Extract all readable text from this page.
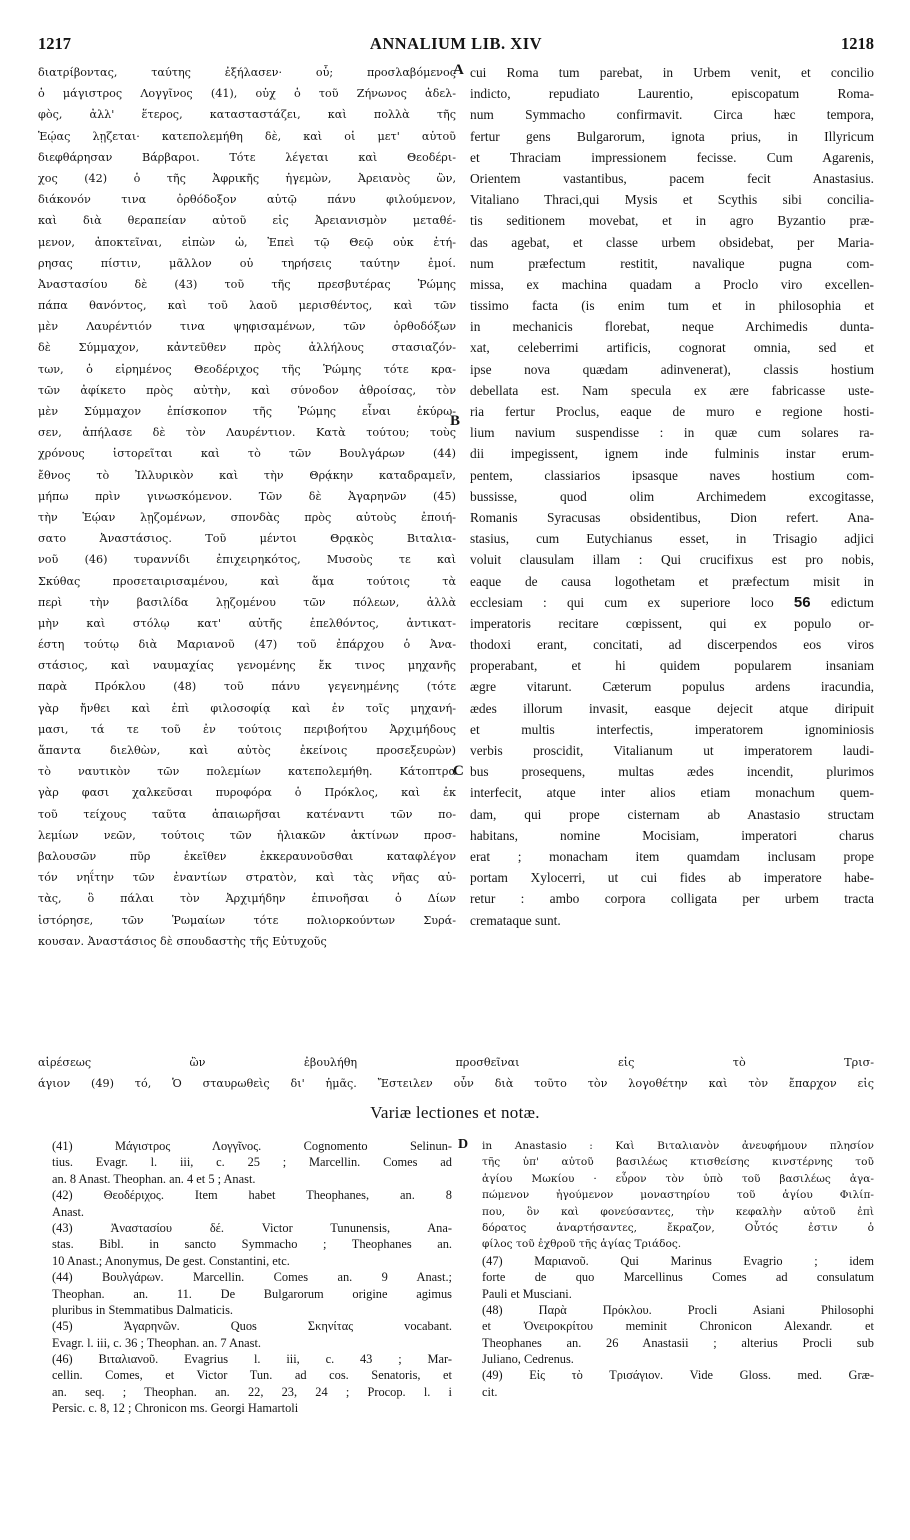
1217	ANNALIUM LIB. XIV	1218
διατρίβοντας, ταύτης ἐξήλασεν· οὗ; προσλαβόμενος
ὁ μάγιστρος Λογγῖνος (41), οὐχ ὁ τοῦ Ζήνωνος ἀδελ-
φὸς, ἀλλ' ἕτερος, κατασταστάζει, καὶ πολλὰ τῆς
Ἑῴας λῃζεται· κατεπολεμήθη δὲ, καὶ οἱ μετ' αὐτοῦ
διεφθάρησαν Βάρβαροι. Τότε λέγεται καὶ Θεοδέρι-
χος (42) ὁ τῆς Ἀφρικῆς ἡγεμὼν, Ἀρειανὸς ὢν,
διάκονόν τινα ὀρθόδοξον αὐτῷ πάνυ φιλούμενον,
καὶ διὰ θεραπείαν αὐτοῦ εἰς Ἀρειανισμὸν μεταθέ-
μενον, ἀποκτεῖναι, εἰπὼν ὡ, Ἐπεὶ τῷ Θεῷ οὐκ ἐτή-
ρησας πίστιν, μᾶλλον οὐ τηρήσεις ταύτην ἐμοί.
Ἀναστασίου δὲ (43) τοῦ τῆς πρεσβυτέρας Ῥώμης
πάπα θανόντος, καὶ τοῦ λαοῦ μερισθέντος, καὶ τῶν
μὲν Λαυρέντιόν τινα ψηφισαμένων, τῶν ὀρθοδόξων
δὲ Σύμμαχον, κἀντεῦθεν πρὸς ἀλλήλους στασιαζόν-
των, ὁ εἰρημένος Θεοδέριχος τῆς Ῥώμης τότε κρα-
τῶν ἀφίκετο πρὸς αὐτὴν, καὶ σύνοδον ἀθροίσας, τὸν
μὲν Σύμμαχον ἐπίσκοπον τῆς Ῥώμης εἶναι ἐκύρω-
σεν, ἀπήλασε δὲ τὸν Λαυρέντιον. Κατὰ τούτου; τοὺς
χρόνους ἱστορεῖται καὶ τὸ τῶν Βουλγάρων (44)
ἔθνος τὸ Ἰλλυρικὸν καὶ τὴν Θρᾴκην καταδραμεῖν,
μήπω πρὶν γινωσκόμενον. Τῶν δὲ Ἀγαρηνῶν (45)
τὴν Ἑῴαν λῃζομένων, σπονδὰς πρὸς αὐτοὺς ἐποιή-
σατο Ἀναστάσιος. Τοῦ μέντοι Θρᾳκὸς Βιταλια-
νοῦ (46) τυραννίδι ἐπιχειρηκότος, Μυσοὺς τε καὶ
Σκύθας προσεταιρισαμένου, καὶ ἅμα τούτοις τὰ
περὶ τὴν βασιλίδα λῃζομένου τῶν πόλεων, ἀλλὰ
μὴν καὶ στόλῳ κατ' αὐτῆς ἐπελθόντος, ἀντικατ-
έστη τούτῳ διὰ Μαριανοῦ (47) τοῦ ἐπάρχου ὁ Ἀνα-
στάσιος, καὶ ναυμαχίας γενομένης ἔκ τινος μηχανῆς
παρὰ Πρόκλου (48) τοῦ πάνυ γεγενημένης (τότε
γὰρ ἤνθει καὶ ἐπὶ φιλοσοφίᾳ καὶ ἐν τοῖς μηχανή-
μασι, τά τε τοῦ ἐν τούτοις περιβοήτου Ἀρχιμήδους
ἅπαντα διελθὼν, καὶ αὐτὸς ἐκείνοις προσεξευρὼν)
τὸ ναυτικὸν τῶν πολεμίων κατεπολεμήθη. Κάτοπτρα
γὰρ φασι χαλκεῦσαι πυροφόρα ὁ Πρόκλος, καὶ ἐκ
τοῦ τείχους ταῦτα ἀπαιωρῆσαι κατέναντι τῶν πο-
λεμίων νεῶν, τούτοις τῶν ἡλιακῶν ἀκτίνων προσ-
βαλουσῶν πῦρ ἐκεῖθεν ἐκκεραυνοῦσθαι καταφλέγον
τόν νηΐτην τῶν ἐναντίων στρατὸν, καὶ τὰς νῆας αὐ-
τὰς, ὃ πάλαι τὸν Ἀρχιμήδην ἐπινοῆσαι ὁ Δίων
ἱστόρησε, τῶν Ῥωμαίων τότε πολιορκούντων Συρά-
κουσαν. Ἀναστάσιος δὲ σπουδαστὴς τῆς Εὐτυχοῦς
A
B
C
cui Roma tum parebat, in Urbem venit, et concilio
indicto, repudiato Laurentio, episcopatum Roma-
num Symmacho confirmavit. Circa hæc tempora,
fertur gens Bulgarorum, ignota prius, in Illyricum
et Thraciam impressionem fecisse. Cum Agarenis,
Orientem vastantibus, pacem fecit Anastasius.
Vitaliano Thraci,qui Mysis et Scythis sibi concilia-
tis seditionem movebat, et in agro Byzantio præ-
das agebat, et classe urbem obsidebat, per Maria-
num præfectum restitit, navalique pugna com-
missa, ex machina quadam a Proclo viro excellen-
tissimo facta (is enim tum et in philosophia et
in mechanicis florebat, neque Archimedis dunta-
xat, celeberrimi artificis, cognorat omnia, sed et
ipse nova quædam adinvenerat), classis hostium
debellata est. Nam specula ex ære fabricasse uste-
ria fertur Proclus, eaque de muro e regione hosti-
lium navium suspendisse : in quæ cum solares ra-
dii impegissent, ignem inde fulminis instar erum-
pentem, classiarios ipsasque naves hostium com-
bussisse, quod olim Archimedem excogitasse,
Romanis Syracusas obsidentibus, Dion refert. Ana-
stasius, cum Eutychianus esset, in Trisagio adjici
voluit clausulam illam : Qui crucifixus est pro nobis,
eaque de causa logothetam et præfectum misit in
ecclesiam : qui cum ex superiore loco 56 edictum
imperatoris recitare cœpissent, qui ex populo or-
thodoxi erant, concitati, ad discerpendos eos viros
properabant, et hi quidem popularem insaniam
ægre vitarunt. Cæterum populus ardens iracundia,
ædes illorum invasit, easque dejecit atque diripuit
et multis interfectis, imperatorem ignominiosis
verbis proscidit, Vitalianum ut imperatorem laudi-
bus prosequens, multas ædes incendit, plurimos
interfecit, atque inter alios etiam monachum quem-
dam, qui prope cisternam ab Anastasio structam
habitans, nomine Mocisiam, imperatori charus
erat ; monacham item quamdam inclusam prope
portam Xylocerri, ut cui fides ab imperatore habe-
retur : ambo corpora colligata per urbem tracta
cremataque sunt.
αἱρέσεως ὢν ἐβουλήθη προσθεῖναι εἰς τὸ Τρισ-
άγιον (49) τό, Ὁ σταυρωθεὶς δι' ἡμᾶς. Ἔστειλεν οὖν διὰ τοῦτο τὸν λογοθέτην καὶ τὸν ἔπαρχον εἰς
Variæ lectiones et notæ.
(41) Μάγιστρος Λογγῖνος. Cognomento Selinun-
tius. Evagr. l. iii, c. 25 ; Marcellin. Comes ad
an. 8 Anast. Theophan. an. 4 et 5 ; Anast.
(42) Θεοδέριχος. Item habet Theophanes, an. 8
Anast.
(43) Ἀναστασίου δέ. Victor Tununensis, Ana-
stas. Bibl. in sancto Symmacho ; Theophanes an.
10 Anast.; Anonymus, De gest. Constantini, etc.
(44) Βουλγάρων. Marcellin. Comes an. 9 Anast.;
Theophan. an. 11. De Bulgarorum origine agimus
pluribus in Stemmatibus Dalmaticis.
(45) Ἀγαρηνῶν. Quos Σκηνίτας vocabant.
Evagr. l. iii, c. 36 ; Theophan. an. 7 Anast.
(46) Βιταλιανοῦ. Evagrius l. iii, c. 43 ; Mar-
cellin. Comes, et Victor Tun. ad cos. Senatoris, et
an. seq. ; Theophan. an. 22, 23, 24 ; Procop. l. i
Persic. c. 8, 12 ; Chronicon ms. Georgi Hamartoli
D in Anastasio : Καὶ Βιταλιανὸν ἀνευφήμουν πλησίον
τῆς ὑπ' αὐτοῦ βασιλέως κτισθείσης κινστέρνης τοῦ
ἁγίου Μωκίου · εὗρον τὸν ὑπὸ τοῦ βασιλέως ἀγα-
πώμενον ἡγούμενον μοναστηρίου τοῦ ἁγίου Φιλίπ-
που, ὃν καὶ φονεύσαντες, τὴν κεφαλὴν αὐτοῦ ἐπὶ
δόρατος ἀναρτήσαντες, ἔκραζον, Οὗτός ἐστιν ὁ
φίλος τοῦ ἐχθροῦ τῆς ἁγίας Τριάδος.
(47) Μαριανοῦ. Qui Marinus Evagrio ; idem
forte de quo Marcellinus Comes ad consulatum
Pauli et Musciani.
(48) Παρὰ Πρόκλου. Procli Asiani Philosophi
et Ὀνειροκρίτου meminit Chronicon Alexandr. et
Theophanes an. 26 Anastasii ; alterius Procli sub
Juliano, Cedrenus.
(49) Εἰς τὸ Τρισάγιον. Vide Gloss. med. Græ-
cit.
